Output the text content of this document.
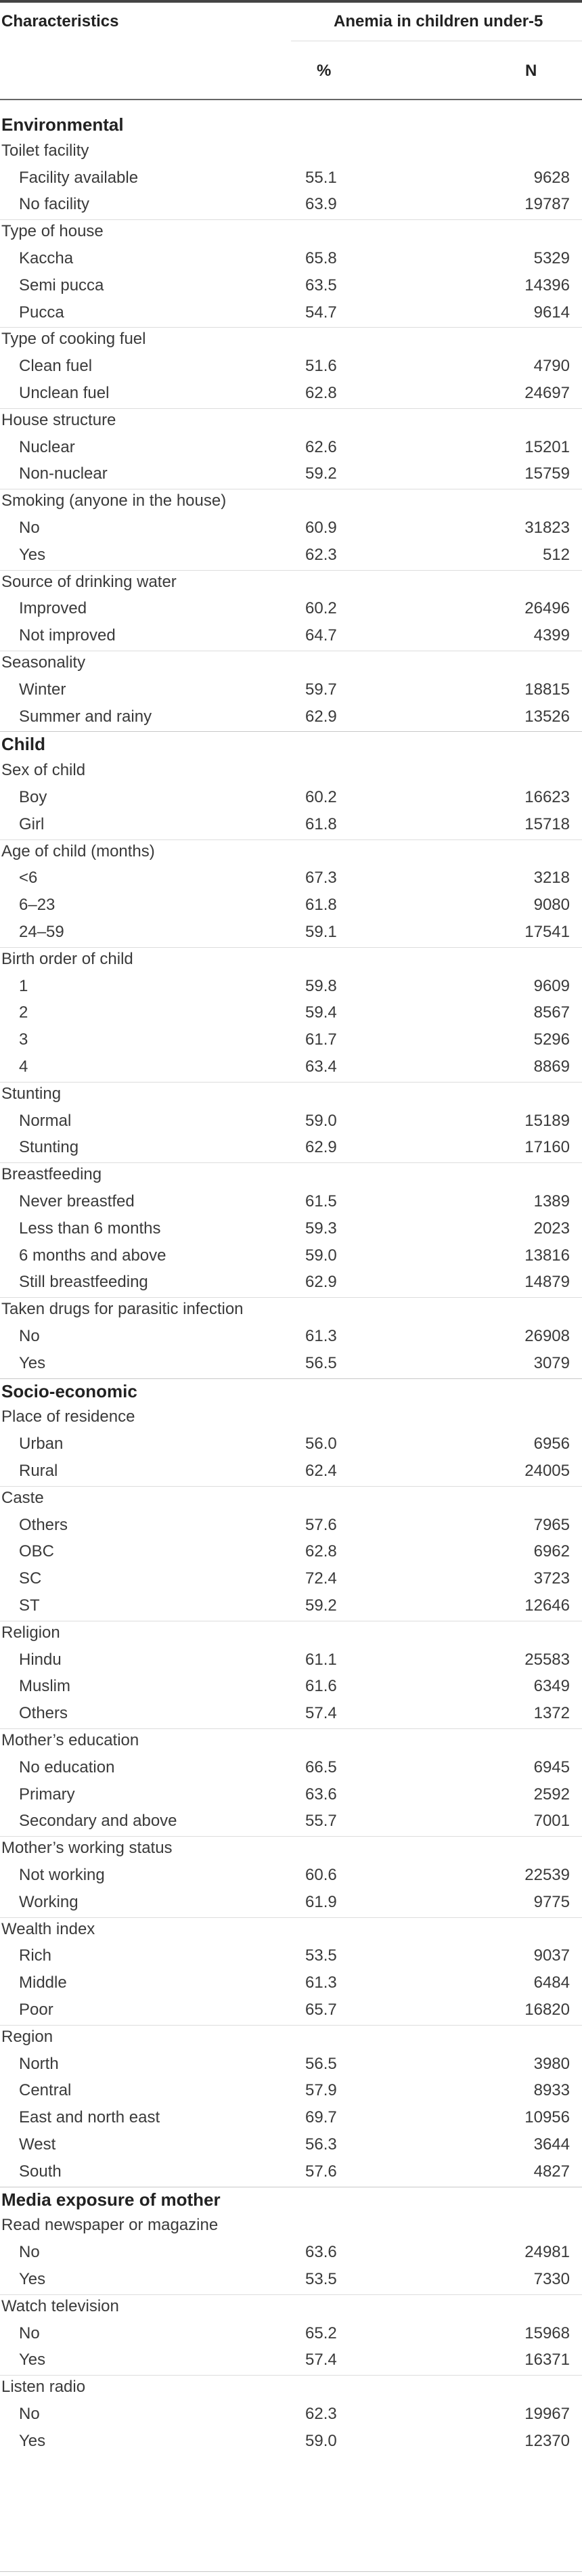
Characteristics	Anemia in children under-5
%	N
Environmental
Toilet facility
Facility available	55.1	9628
No facility	63.9	19787
Type of house
Kaccha	65.8	5329
Semi pucca	63.5	14396
Pucca	54.7	9614
Type of cooking fuel
Clean fuel	51.6	4790
Unclean fuel	62.8	24697
House structure
Nuclear	62.6	15201
Non-nuclear	59.2	15759
Smoking (anyone in the house)
No	60.9	31823
Yes	62.3	512
Source of drinking water
Improved	60.2	26496
Not improved	64.7	4399
Seasonality
Winter	59.7	18815
Summer and rainy	62.9	13526
Child
Sex of child
Boy	60.2	16623
Girl	61.8	15718
Age of child (months)
<6	67.3	3218
6–23	61.8	9080
24–59	59.1	17541
Birth order of child
1	59.8	9609
2	59.4	8567
3	61.7	5296
4	63.4	8869
Stunting
Normal	59.0	15189
Stunting	62.9	17160
Breastfeeding
Never breastfed	61.5	1389
Less than 6 months	59.3	2023
6 months and above	59.0	13816
Still breastfeeding	62.9	14879
Taken drugs for parasitic infection
No	61.3	26908
Yes	56.5	3079
Socio-economic
Place of residence
Urban	56.0	6956
Rural	62.4	24005
Caste
Others	57.6	7965
OBC	62.8	6962
SC	72.4	3723
ST	59.2	12646
Religion
Hindu	61.1	25583
Muslim	61.6	6349
Others	57.4	1372
Mother’s education
No education	66.5	6945
Primary	63.6	2592
Secondary and above	55.7	7001
Mother’s working status
Not working	60.6	22539
Working	61.9	9775
Wealth index
Rich	53.5	9037
Middle	61.3	6484
Poor	65.7	16820
Region
North	56.5	3980
Central	57.9	8933
East and north east	69.7	10956
West	56.3	3644
South	57.6	4827
Media exposure of mother
Read newspaper or magazine
No	63.6	24981
Yes	53.5	7330
Watch television
No	65.2	15968
Yes	57.4	16371
Listen radio
No	62.3	19967
Yes	59.0	12370
